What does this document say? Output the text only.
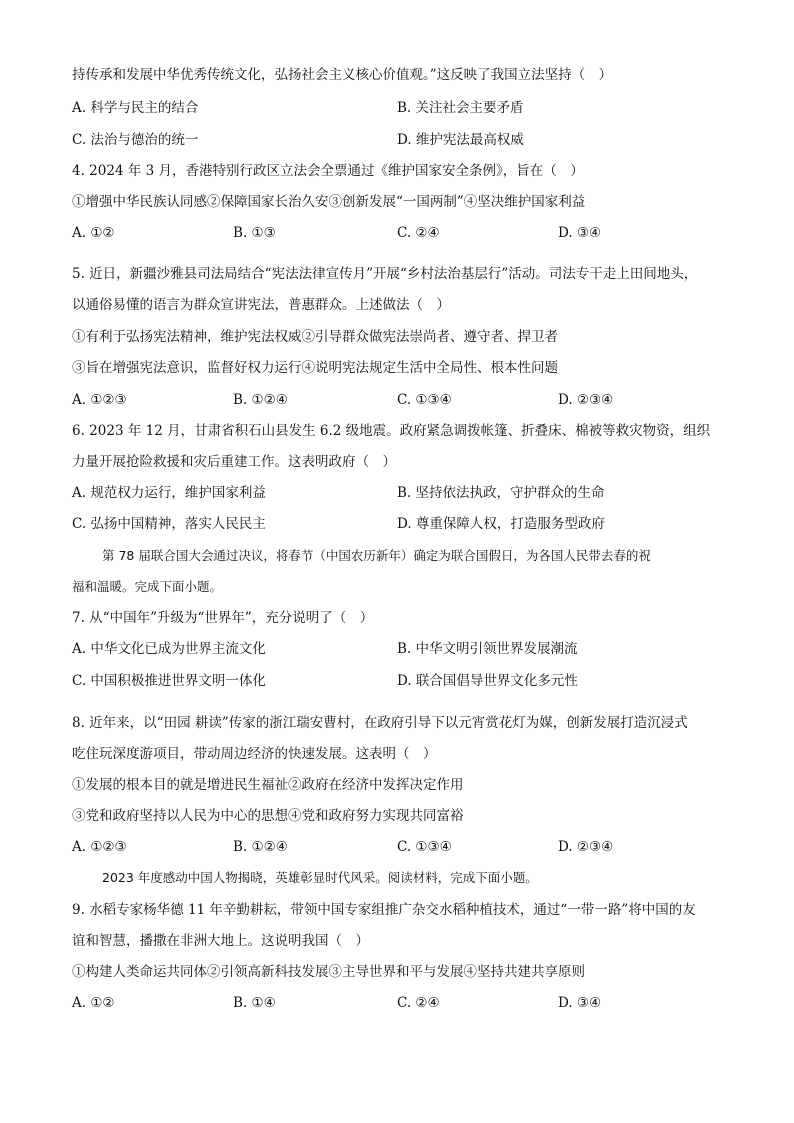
持传承和发展中华优秀传统文化，弘扬社会主义核心价值观。”这反映了我国立法坚持（　）
A. 科学与民主的结合	B. 关注社会主要矛盾
C. 法治与德治的统一	D. 维护宪法最高权威
4. 2024 年 3 月，香港特别行政区立法会全票通过《维护国家安全条例》，旨在（　）
①增强中华民族认同感②保障国家长治久安③创新发展“一国两制”④坚决维护国家利益
A. ①②	B. ①③	C. ②④	D. ③④
5. 近日，新疆沙雅县司法局结合“宪法法律宣传月”开展“乡村法治基层行”活动。司法专干走上田间地头，
以通俗易懂的语言为群众宣讲宪法，普惠群众。上述做法（　）
①有利于弘扬宪法精神，维护宪法权威②引导群众做宪法崇尚者、遵守者、捍卫者
③旨在增强宪法意识，监督好权力运行④说明宪法规定生活中全局性、根本性问题
A. ①②③	B. ①②④	C. ①③④	D. ②③④
6. 2023 年 12 月，甘肃省积石山县发生 6.2 级地震。政府紧急调拨帐篷、折叠床、棉被等救灾物资，组织
力量开展抢险救援和灾后重建工作。这表明政府（　）
A. 规范权力运行，维护国家利益	B. 坚持依法执政，守护群众的生命
C. 弘扬中国精神，落实人民民主	D. 尊重保障人权，打造服务型政府
第 78 届联合国大会通过决议，将春节（中国农历新年）确定为联合国假日，为各国人民带去春的祝
福和温暖。完成下面小题。
7. 从“中国年”升级为“世界年”，充分说明了（　）
A. 中华文化已成为世界主流文化	B. 中华文明引领世界发展潮流
C. 中国积极推进世界文明一体化	D. 联合国倡导世界文化多元性
8. 近年来，以“田园 耕读”传家的浙江瑞安曹村，在政府引导下以元宵赏花灯为媒，创新发展打造沉浸式
吃住玩深度游项目，带动周边经济的快速发展。这表明（　）
①发展的根本目的就是增进民生福祉②政府在经济中发挥决定作用
③党和政府坚持以人民为中心的思想④党和政府努力实现共同富裕
A. ①②③	B. ①②④	C. ①③④	D. ②③④
2023 年度感动中国人物揭晓，英雄彰显时代风采。阅读材料，完成下面小题。
9. 水稻专家杨华德 11 年辛勤耕耘，带领中国专家组推广杂交水稻种植技术，通过“一带一路”将中国的友
谊和智慧，播撒在非洲大地上。这说明我国（　）
①构建人类命运共同体②引领高新科技发展③主导世界和平与发展④坚持共建共享原则
A. ①②	B. ①④	C. ②④	D. ③④
